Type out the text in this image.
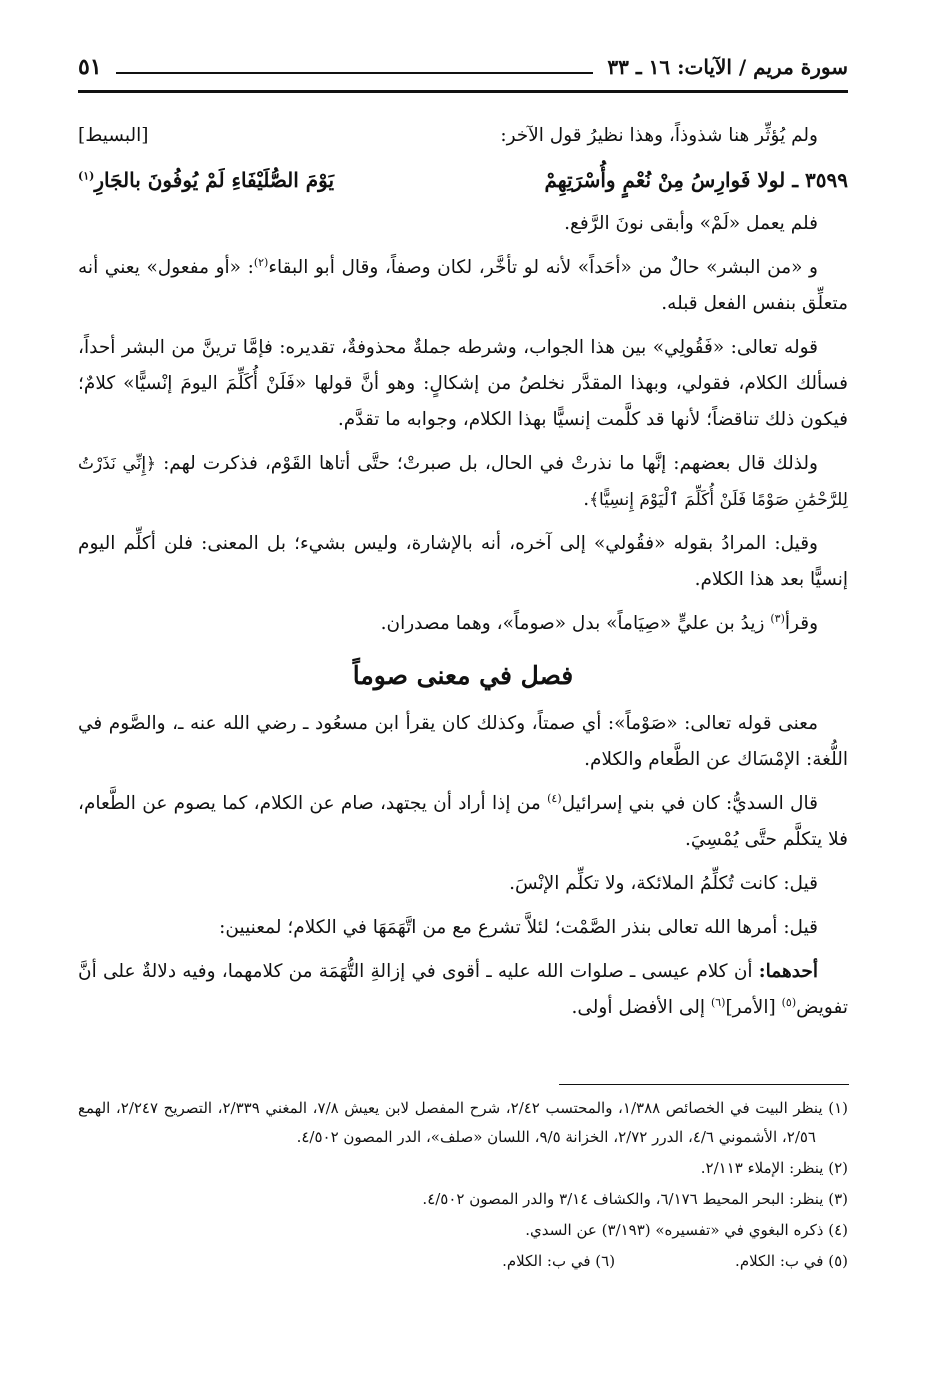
سورة مريم / الآيات: ١٦ ـ ٣٣
٥١
ولم يُؤثِّر هنا شذوذاً، وهذا نظيرُ قول الآخر:
[البسيط]
٣٥٩٩ ـ لولا فَوارِسُ مِنْ نُعْمٍ وأُسْرَتِهِمْ
يَوْمَ الصُّلَيْفَاءِ لَمْ يُوفُونَ بالجَارِ$^{(١)}$
فلم يعمل «لَمْ» وأبقى نونَ الرَّفع.
و «من البشر» حالٌ من «أحَداً» لأنه لو تأخَّر، لكان وصفاً، وقال أبو البقاء$^{(٢)}$: «أو مفعول» يعني أنه متعلِّق بنفس الفعل قبله.
قوله تعالى: «فَقُولِي» بين هذا الجواب، وشرطه جملةٌ محذوفةٌ، تقديره: فإمَّا ترينَّ من البشر أحداً، فسألك الكلام، فقولي، وبهذا المقدَّر نخلصُ من إشكالٍ: وهو أنَّ قولها «فَلَنْ أُكَلِّمَ اليومَ إنْسيًّا» كلامٌ؛ فيكون ذلك تناقضاً؛ لأنها قد كلَّمت إنسيًّا بهذا الكلام، وجوابه ما تقدَّم.
ولذلك قال بعضهم: إنَّها ما نذرتْ في الحال، بل صبرتْ؛ حتَّى أتاها القَوْم، فذكرت لهم: ﴿إِنِّي نَذَرْتُ لِلرَّحْمَٰنِ صَوْمًا فَلَنْ أُكَلِّمَ ٱلْيَوْمَ إِنسِيًّا﴾.
وقيل: المرادُ بقوله «فقُولي» إلى آخره، أنه بالإشارة، وليس بشيء؛ بل المعنى: فلن أكلِّم اليوم إنسيًّا بعد هذا الكلام.
وقرأ$^{(٣)}$ زيدُ بن عليٍّ «صِيَاماً» بدل «صوماً»، وهما مصدران.
فصل في معنى صوماً
معنى قوله تعالى: «صَوْماً»: أي صمتاً، وكذلك كان يقرأ ابن مسعُود ـ رضي الله عنه ـ، والصَّوم في اللُّغة: الإمْسَاك عن الطَّعام والكلام.
قال السديُّ: كان في بني إسرائيل$^{(٤)}$ من إذا أراد أن يجتهد، صام عن الكلام، كما يصوم عن الطَّعام، فلا يتكلَّم حتَّى يُمْسِيَ.
قيل: كانت تُكلِّمُ الملائكة، ولا تكلِّم الإنْسَ.
قيل: أمرها الله تعالى بنذر الصَّمْت؛ لئلاَّ تشرع مع من اتَّهَمَهَا في الكلام؛ لمعنيين:
أحدهما: أن كلام عيسى ـ صلوات الله عليه ـ أقوى في إزالةِ التُّهَمَة من كلامهما، وفيه دلالةٌ على أنَّ تفويض$^{(٥)}$ [الأمر]$^{(٦)}$ إلى الأفضل أولى.
(١) ينظر البيت في الخصائص ١/٣٨٨، والمحتسب ٢/٤٢، شرح المفصل لابن يعيش ٧/٨، المغني ٢/٣٣٩، التصريح ٢/٢٤٧، الهمع ٢/٥٦، الأشموني ٤/٦، الدرر ٢/٧٢، الخزانة ٩/٥، اللسان «صلف»، الدر المصون ٤/٥٠٢.
(٢) ينظر: الإملاء ٢/١١٣.
(٣) ينظر: البحر المحيط ٦/١٧٦، والكشاف ٣/١٤ والدر المصون ٤/٥٠٢.
(٤) ذكره البغوي في «تفسيره» (٣/١٩٣) عن السدي.
(٥) في ب: الكلام.
(٦) في ب: الكلام.
